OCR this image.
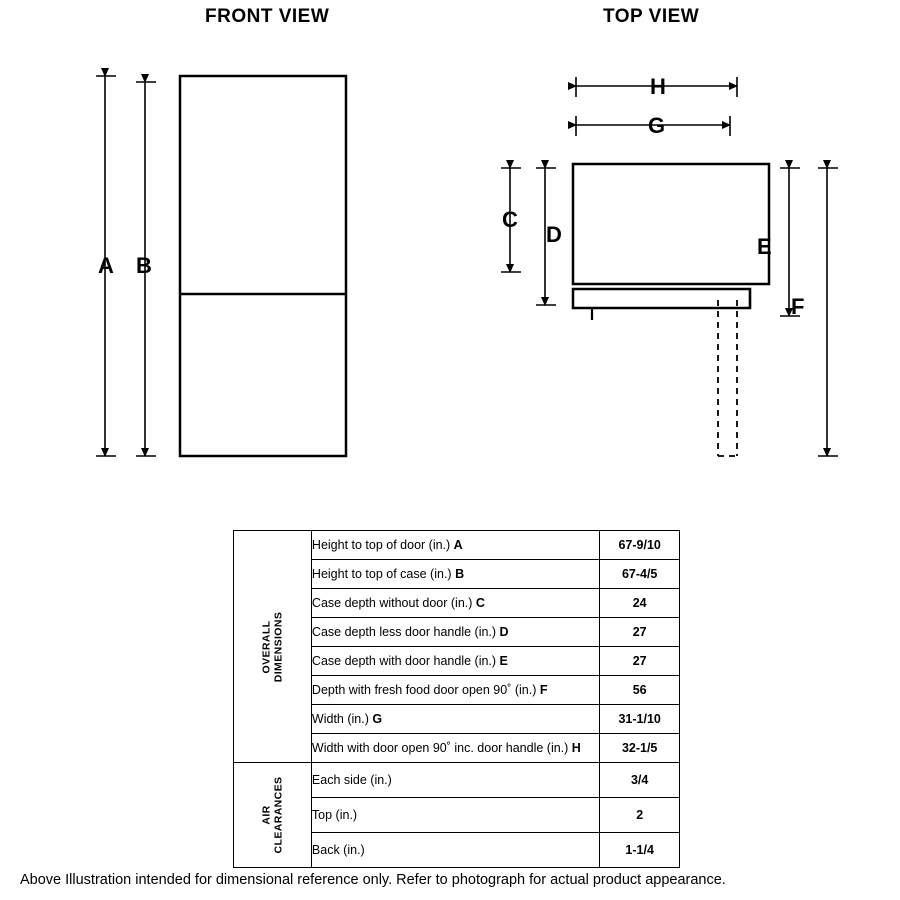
FRONT VIEW	TOP VIEW
A B
C
D	E
F
G
H
OVERALL
DIMENSIONS	Height to top of door (in.) A	67-9/10
	Height to top of case (in.) B	67-4/5
	Case depth without door (in.) C	24
	Case depth less door handle (in.) D	27
	Case depth with door handle (in.) E	27
	Depth with fresh food door open 90˚ (in.) F	56
	Width (in.) G	31-1/10
	Width with door open 90˚ inc. door handle (in.) H	32-1/5

AIR
CLEARANCES	Each side (in.)	3/4
	Top (in.)	2
	Back (in.)	1-1/4
Above Illustration intended for dimensional reference only. Refer to photograph for actual product appearance.
